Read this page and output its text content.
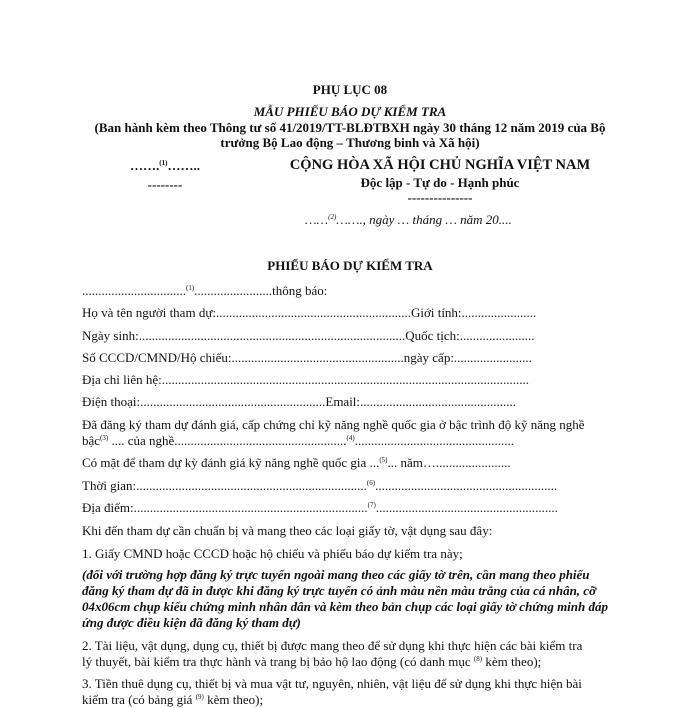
PHỤ LỤC 08
MẪU PHIẾU BÁO DỰ KIỂM TRA
(Ban hành kèm theo Thông tư số 41/2019/TT-BLĐTBXH ngày 30 tháng 12 năm 2019 của Bộ
trưởng Bộ Lao động – Thương binh và Xã hội)
…….$^{(1)}$……..
--------
CỘNG HÒA XÃ HỘI CHỦ NGHĨA VIỆT NAM
Độc lập - Tự do - Hạnh phúc
---------------
……$^{(2)}$……., ngày … tháng … năm 20....
PHIẾU BÁO DỰ KIỂM TRA
................................$^{(1)}$........................thông báo:
Họ và tên người tham dự:............................................................Giới tính:.......................
Ngày sinh:..................................................................................Quốc tịch:.......................
Số CCCD/CMND/Hộ chiếu:.....................................................ngày cấp:........................
Địa chỉ liên hệ:.................................................................................................................
Điện thoại:.........................................................Email:................................................
Đã đăng ký tham dự đánh giá, cấp chứng chỉ kỹ năng nghề quốc gia ở bậc trình độ kỹ năng nghề
bậc$^{(3)}$ .... của nghề.....................................................$^{(4)}$.................................................
Có mặt để tham dự kỳ đánh giá kỹ năng nghề quốc gia ...$^{(5)}$... năm….......................
Thời gian:.......................................................................$^{(6)}$........................................................
Địa điểm:........................................................................$^{(7)}$........................................................
Khi đến tham dự cần chuẩn bị và mang theo các loại giấy tờ, vật dụng sau đây:
1. Giấy CMND hoặc CCCD hoặc hộ chiếu và phiếu báo dự kiểm tra này;
(đối với trường hợp đăng ký trực tuyến ngoài mang theo các giấy tờ trên, cần mang theo phiếu
đăng ký tham dự đã in được khi đăng ký trực tuyến có ảnh màu nền màu trắng của cá nhân, cỡ
04x06cm chụp kiểu chứng minh nhân dân và kèm theo bản chụp các loại giấy tờ chứng minh đáp
ứng được điều kiện đã đăng ký tham dự)
2. Tài liệu, vật dụng, dụng cụ, thiết bị được mang theo để sử dụng khi thực hiện các bài kiểm tra
lý thuyết, bài kiểm tra thực hành và trang bị bảo hộ lao động (có danh mục $^{(8)}$ kèm theo);
3. Tiền thuê dụng cụ, thiết bị và mua vật tư, nguyên, nhiên, vật liệu để sử dụng khi thực hiện bài
kiểm tra (có bảng giá $^{(9)}$ kèm theo);
